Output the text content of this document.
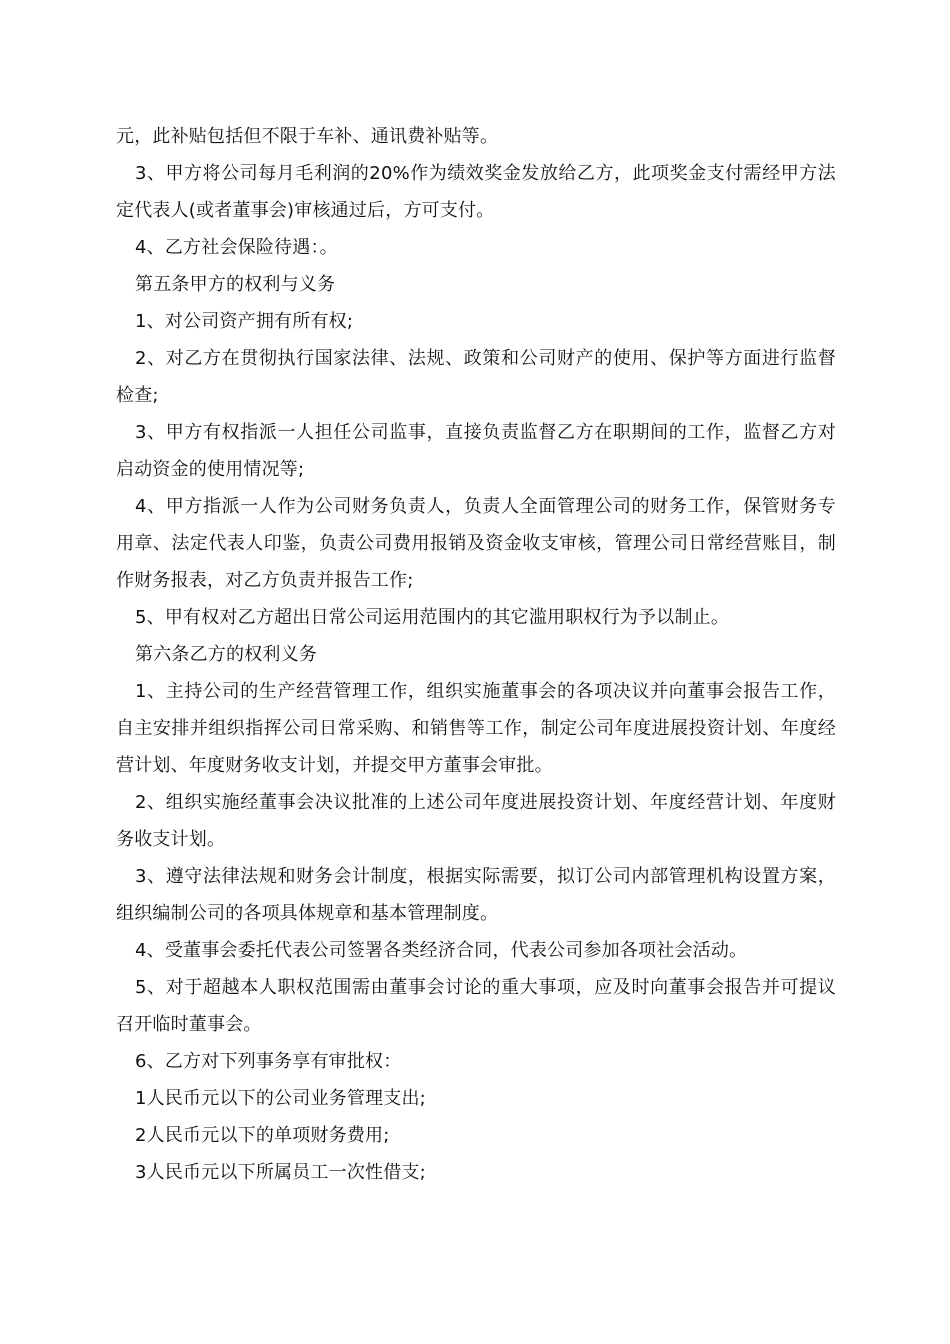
元，此补贴包括但不限于车补、通讯费补贴等。

3、甲方将公司每月毛利润的20%作为绩效奖金发放给乙方，此项奖金支付需经甲方法定代表人(或者董事会)审核通过后，方可支付。

4、乙方社会保险待遇：。

第五条甲方的权利与义务

1、对公司资产拥有所有权;

2、对乙方在贯彻执行国家法律、法规、政策和公司财产的使用、保护等方面进行监督检查;

3、甲方有权指派一人担任公司监事，直接负责监督乙方在职期间的工作，监督乙方对启动资金的使用情况等;

4、甲方指派一人作为公司财务负责人，负责人全面管理公司的财务工作，保管财务专用章、法定代表人印鉴，负责公司费用报销及资金收支审核，管理公司日常经营账目，制作财务报表，对乙方负责并报告工作;

5、甲有权对乙方超出日常公司运用范围内的其它滥用职权行为予以制止。

第六条乙方的权利义务

1、主持公司的生产经营管理工作，组织实施董事会的各项决议并向董事会报告工作，自主安排并组织指挥公司日常采购、和销售等工作，制定公司年度进展投资计划、年度经营计划、年度财务收支计划，并提交甲方董事会审批。

2、组织实施经董事会决议批准的上述公司年度进展投资计划、年度经营计划、年度财务收支计划。

3、遵守法律法规和财务会计制度，根据实际需要，拟订公司内部管理机构设置方案，组织编制公司的各项具体规章和基本管理制度。

4、受董事会委托代表公司签署各类经济合同，代表公司参加各项社会活动。

5、对于超越本人职权范围需由董事会讨论的重大事项，应及时向董事会报告并可提议召开临时董事会。

6、乙方对下列事务享有审批权：

1人民币元以下的公司业务管理支出;

2人民币元以下的单项财务费用;

3人民币元以下所属员工一次性借支;
